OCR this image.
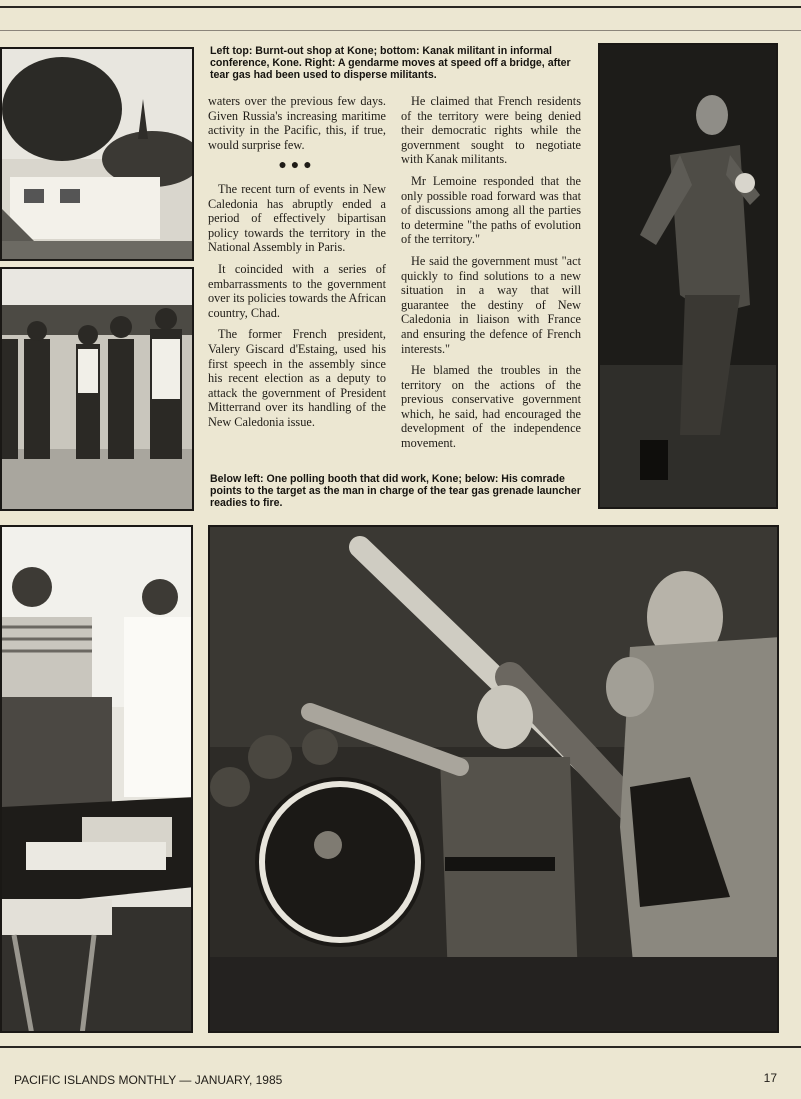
Left top: Burnt-out shop at Kone; bottom: Kanak militant in informal conference, Kone. Right: A gendarme moves at speed off a bridge, after tear gas had been used to disperse militants.

waters over the previous few days. Given Russia's increasing maritime activity in the Pacific, this, if true, would surprise few.

●●●

The recent turn of events in New Caledonia has abruptly ended a period of effectively bipartisan policy towards the territory in the National Assembly in Paris.

It coincided with a series of embarrassments to the government over its policies towards the African country, Chad.

The former French president, Valery Giscard d'Estaing, used his first speech in the assembly since his recent election as a deputy to attack the government of President Mitterrand over its handling of the New Caledonia issue.

He claimed that French residents of the territory were being denied their democratic rights while the government sought to negotiate with Kanak militants.

Mr Lemoine responded that the only possible road forward was that of discussions among all the parties to determine "the paths of evolution of the territory."

He said the government must "act quickly to find solutions to a new situation in a way that will guarantee the destiny of New Caledonia in liaison with France and ensuring the defence of French interests."

He blamed the troubles in the territory on the actions of the previous conservative government which, he said, had encouraged the development of the independence movement.

Below left: One polling booth that did work, Kone; below: His comrade points to the target as the man in charge of the tear gas grenade launcher readies to fire.

PACIFIC ISLANDS MONTHLY — JANUARY, 1985	17
